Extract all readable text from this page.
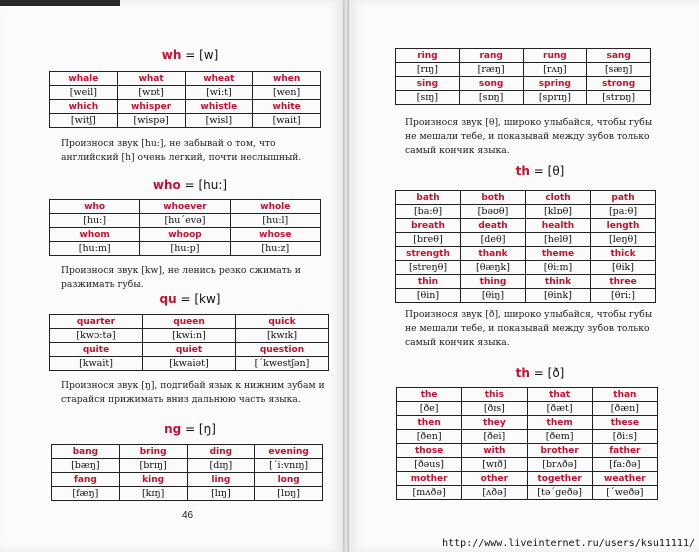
wh = [w]
whale	what	wheat	when
[weil]	[wɒt]	[wi:t]	[wen]
which	whisper	whistle	white
[witʃ]	[wispə]	[wisl]	[wait]
Произнося звук [hu:], не забывай о том, что английский [h] очень легкий, почти неслышный.
who = [hu:]
who	whoever	whole
[hu:]	[hu´evə]	[hu:l]
whom	whoop	whose
[hu:m]	[hu:p]	[hu:z]
Произнося звук [kw], не ленись резко сжимать и разжимать губы.
qu = [kw]
quarter	queen	quick
[kwɔ:tə]	[kwi:n]	[kwɪk]
quite	quiet	question
[kwait]	[kwaiət]	[´kwestʃən]
Произнося звук [ŋ], подгибай язык к нижним зубам и старайся прижимать вниз дальнюю часть языка.
ng = [ŋ]
bang	bring	ding	evening
[bæŋ]	[brɪŋ]	[dɪŋ]	[´i:vnɪŋ]
fang	king	ling	long
[fæŋ]	[kɪŋ]	[lɪŋ]	[lɒŋ]
46
ring	rang	rung	sang
[rɪŋ]	[ræŋ]	[rʌŋ]	[sæŋ]
sing	song	spring	strong
[sɪŋ]	[sɒŋ]	[sprɪŋ]	[strɒŋ]
Произнося звук [θ], широко улыбайся, чтобы губы не мешали тебе, и показывай между зубов только самый кончик языка.
th = [θ]
bath	both	cloth	path
[ba:θ]	[bəʊθ]	[klɒθ]	[pa:θ]
breath	death	health	length
[breθ]	[deθ]	[helθ]	[leŋθ]
strength	thank	theme	thick
[streŋθ]	[θæŋk]	[θi:m]	[θik]
thin	thing	think	three
[θin]	[θiŋ]	[θink]	[θri:]
Произнося звук [ð], широко улыбайся, чтобы губы не мешали тебе, и показывай между зубов только самый кончик языка.
th = [ð]
the	this	that	than
[ðe]	[ðɪs]	[ðæt]	[ðæn]
then	they	them	these
[ðen]	[ðei]	[ðem]	[ði:s]
those	with	brother	father
[ðəus]	[wɪð]	[brʌðə]	[fa:ðə]
mother	other	together	weather
[mʌðə]	[ʌðə]	[tə´geðə]	[´weðə]
http://www.liveinternet.ru/users/ksu11111/
